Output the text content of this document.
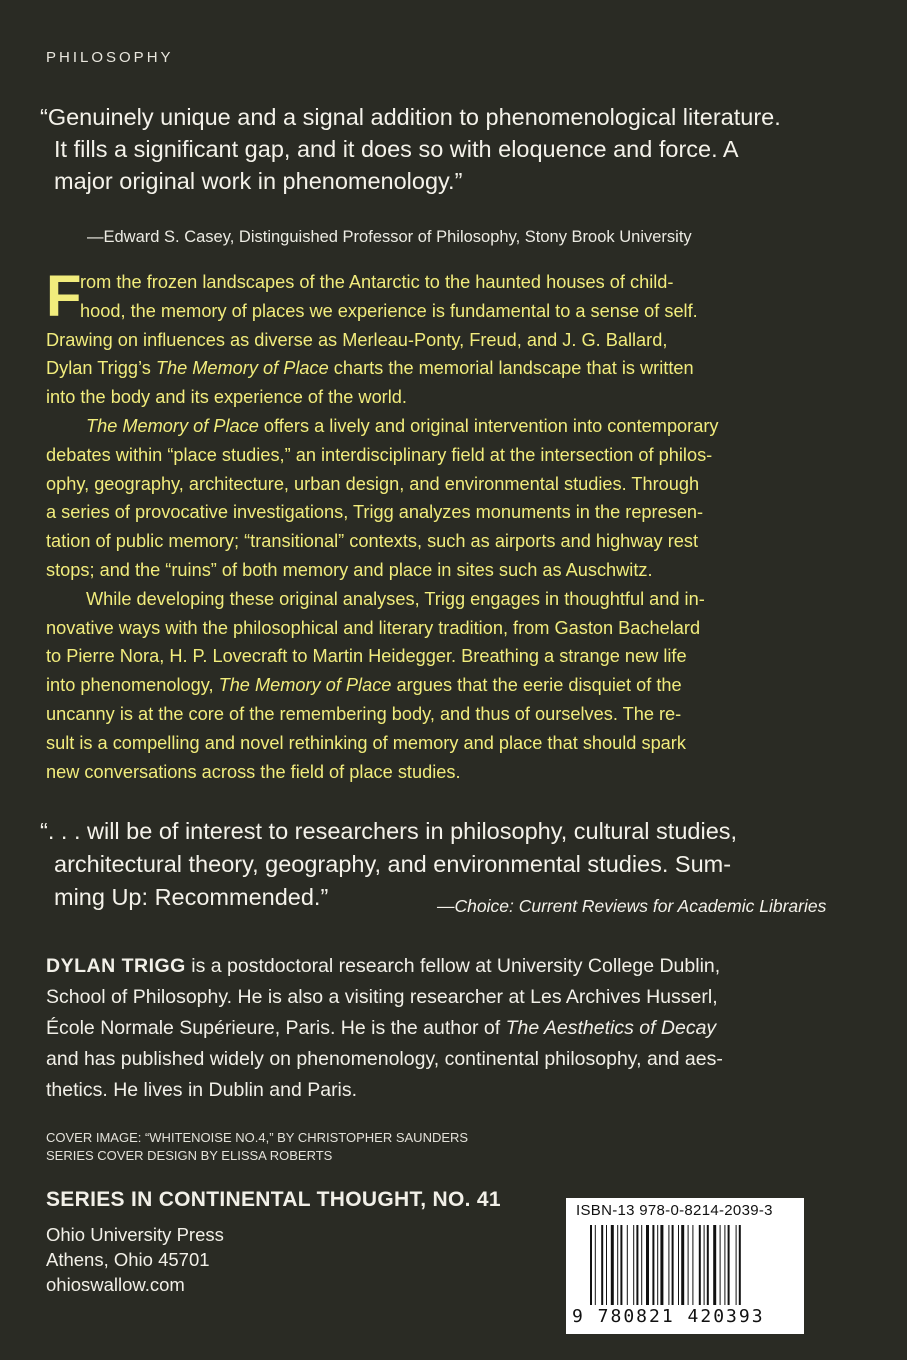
PHILOSOPHY
“Genuinely unique and a signal addition to phenomenological literature.
It fills a significant gap, and it does so with eloquence and force. A
major original work in phenomenology.”
—Edward S. Casey, Distinguished Professor of Philosophy, Stony Brook University
F
rom the frozen landscapes of the Antarctic to the haunted houses of child-
hood, the memory of places we experience is fundamental to a sense of self.
Drawing on influences as diverse as Merleau-Ponty, Freud, and J. G. Ballard,
Dylan Trigg’s The Memory of Place charts the memorial landscape that is written
into the body and its experience of the world.
The Memory of Place offers a lively and original intervention into contemporary
debates within “place studies,” an interdisciplinary field at the intersection of philos-
ophy, geography, architecture, urban design, and environmental studies. Through
a series of provocative investigations, Trigg analyzes monuments in the represen-
tation of public memory; “transitional” contexts, such as airports and highway rest
stops; and the “ruins” of both memory and place in sites such as Auschwitz.
While developing these original analyses, Trigg engages in thoughtful and in-
novative ways with the philosophical and literary tradition, from Gaston Bachelard
to Pierre Nora, H. P. Lovecraft to Martin Heidegger. Breathing a strange new life
into phenomenology, The Memory of Place argues that the eerie disquiet of the
uncanny is at the core of the remembering body, and thus of ourselves. The re-
sult is a compelling and novel rethinking of memory and place that should spark
new conversations across the field of place studies.
“. . . will be of interest to researchers in philosophy, cultural studies,
architectural theory, geography, and environmental studies. Sum-
ming Up: Recommended.”	—Choice: Current Reviews for Academic Libraries
DYLAN TRIGG is a postdoctoral research fellow at University College Dublin,
School of Philosophy. He is also a visiting researcher at Les Archives Husserl,
École Normale Supérieure, Paris. He is the author of The Aesthetics of Decay
and has published widely on phenomenology, continental philosophy, and aes-
thetics. He lives in Dublin and Paris.
COVER IMAGE: “WHITENOISE NO.4,” BY CHRISTOPHER SAUNDERS
SERIES COVER DESIGN BY ELISSA ROBERTS
SERIES IN CONTINENTAL THOUGHT, NO. 41
Ohio University Press
Athens, Ohio 45701
ohioswallow.com
ISBN-13 978-0-8214-2039-3
9 780821 420393
